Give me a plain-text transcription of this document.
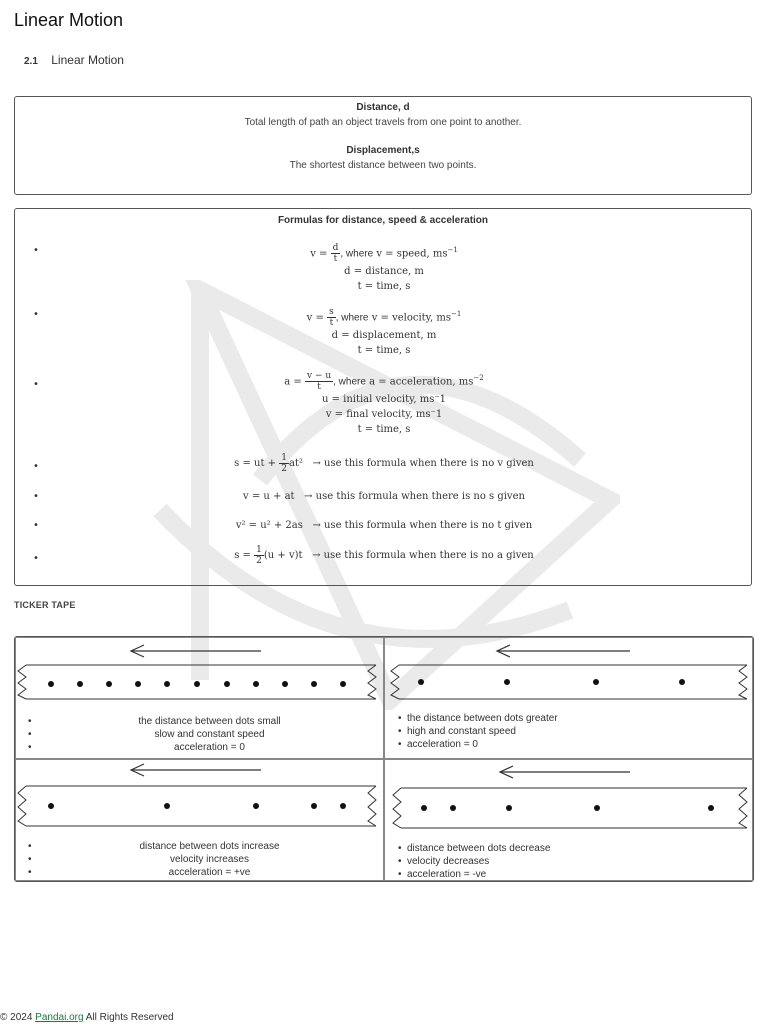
Linear Motion
2.1 Linear Motion
Distance, d
Total length of path an object travels from one point to another.
Displacement,s
The shortest distance between two points.
Formulas for distance, speed & acceleration
•	$v = \frac{d}{t}$ , where v = speed, $ms^{-1}$
d = distance, m
t = time, s
•	$v = \frac{s}{t}$ , where v = velocity, $ms^{-1}$
d = displacement, m
t = time, s
•	$a = \frac{v - u}{t}$ , where a = acceleration, $ms^{-2}$
u = initial velocity, ms⁻1
v = final velocity, ms⁻1
t = time, s
•	s = ut + $\frac{1}{2} at^2$ → use this formula when there is no v given
•	v = u + at → use this formula when there is no s given
•	v² = u² + 2as → use this formula when there is no t given
•	$s = \frac{1}{2} (u + v)t$ → use this formula when there is no a given
TICKER TAPE
• the distance between dots small
• slow and constant speed
• acceleration = 0
• the distance between dots greater
• high and constant speed
• acceleration = 0
• distance between dots increase
• velocity increases
• acceleration = +ve
• distance between dots decrease
• velocity decreases
• acceleration = -ve
© 2024 Pandai.org All Rights Reserved
